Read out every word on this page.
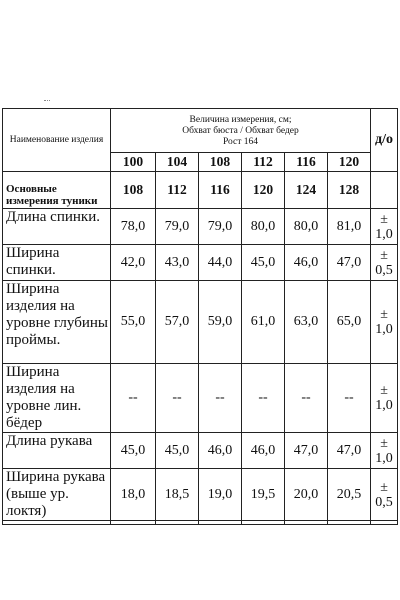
Наименование изделия	Величина измерения, см;
Обхват бюста / Обхват бедер
Рост 164						д/о
	100	104	108	112	116	120	
Основные измерения туники	108	112	116	120	124	128	
Длина спинки.	78,0	79,0	79,0	80,0	80,0	81,0	±
1,0

Ширина спинки.	42,0	43,0	44,0	45,0	46,0	47,0	±
0,5

Ширина изделия на уровне глубины проймы.	55,0	57,0	59,0	61,0	63,0	65,0	±
1,0

Ширина изделия на уровне лин. бёдер	--	--	--	--	--	--	±
1,0

Длина рукава	45,0	45,0	46,0	46,0	47,0	47,0	±
1,0

Ширина рукава (выше ур. локтя)	18,0	18,5	19,0	19,5	20,0	20,5	±
0,5
